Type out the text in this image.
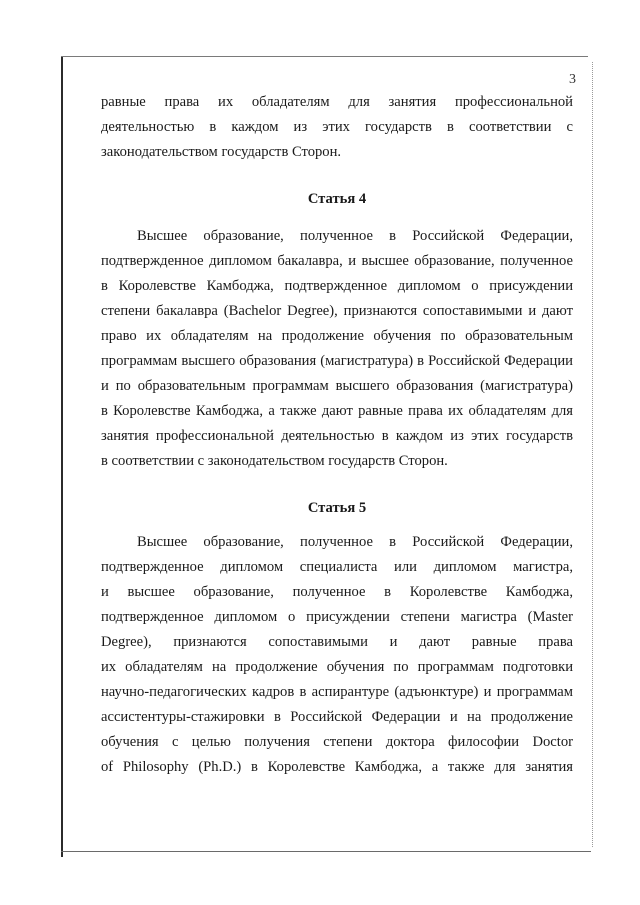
3
равные права их обладателям для занятия профессиональной
деятельностью в каждом из этих государств в соответствии с
законодательством государств Сторон.
Статья 4
Высшее образование, полученное в Российской Федерации,
подтвержденное дипломом бакалавра, и высшее образование, полученное
в Королевстве Камбоджа, подтвержденное дипломом о присуждении
степени бакалавра (Bachelor Degree), признаются сопоставимыми и дают
право их обладателям на продолжение обучения по образовательным
программам высшего образования (магистратура) в Российской Федерации
и по образовательным программам высшего образования (магистратура)
в Королевстве Камбоджа, а также дают равные права их обладателям для
занятия профессиональной деятельностью в каждом из этих государств
в соответствии с законодательством государств Сторон.
Статья 5
Высшее образование, полученное в Российской Федерации,
подтвержденное дипломом специалиста или дипломом магистра,
и высшее образование, полученное в Королевстве Камбоджа,
подтвержденное дипломом о присуждении степени магистра (Master
Degree), признаются сопоставимыми и дают равные права
их обладателям на продолжение обучения по программам подготовки
научно-педагогических кадров в аспирантуре (адъюнктуре) и программам
ассистентуры-стажировки в Российской Федерации и на продолжение
обучения с целью получения степени доктора философии Doctor
of Philosophy (Ph.D.) в Королевстве Камбоджа, а также для занятия
